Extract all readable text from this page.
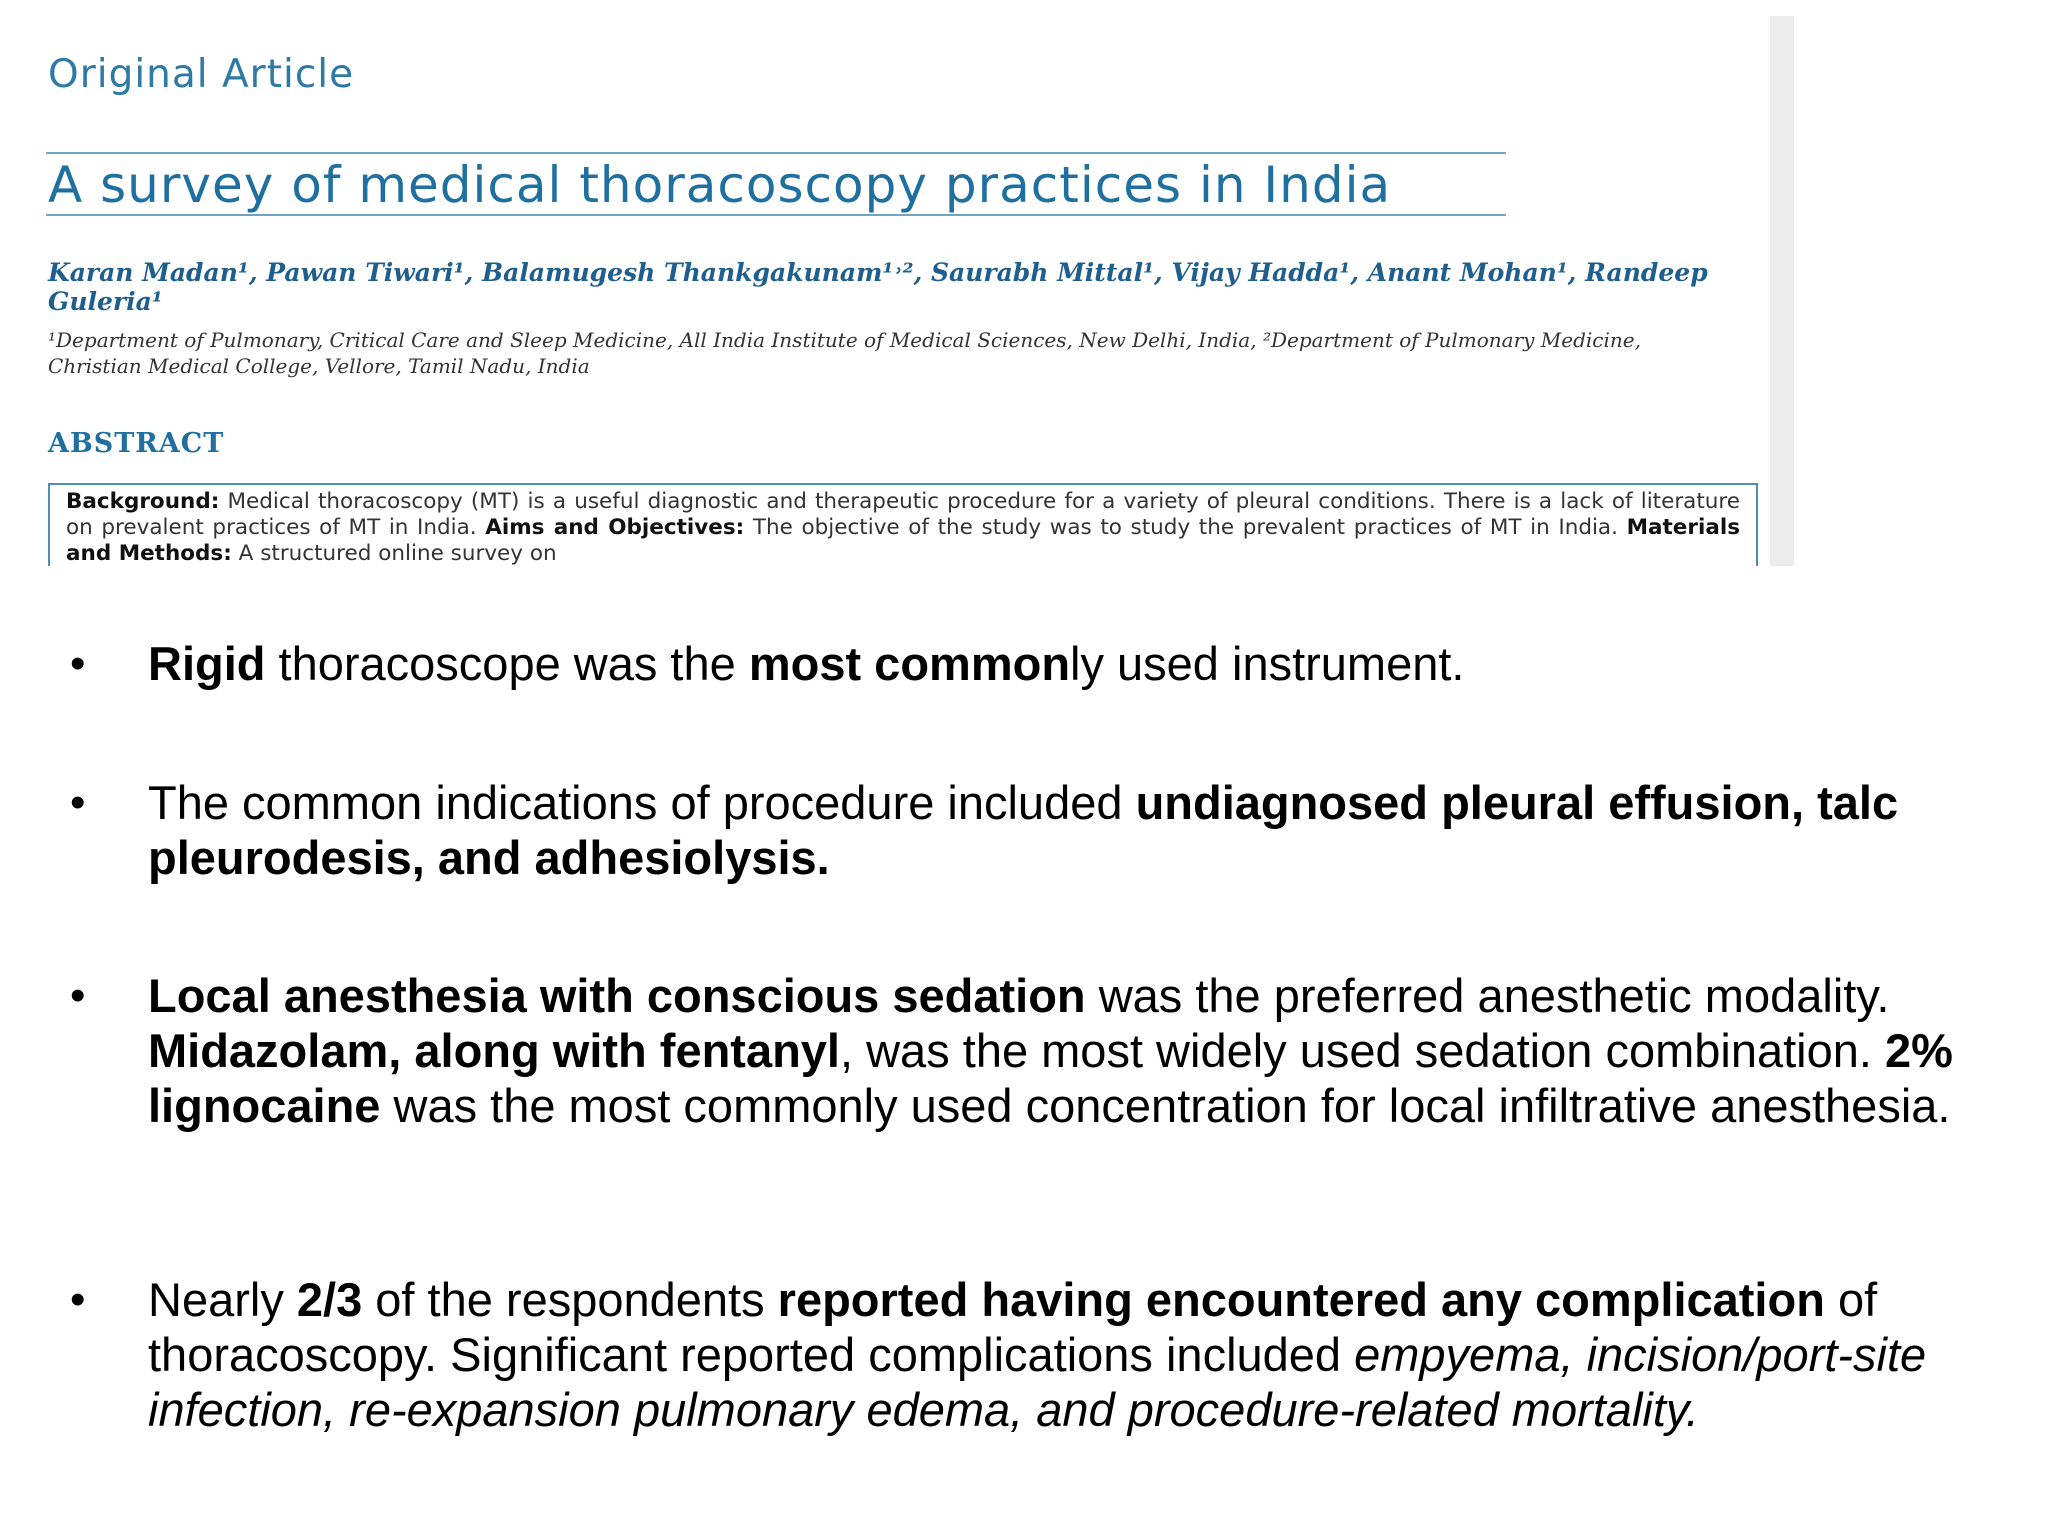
Original Article
A survey of medical thoracoscopy practices in India
Karan Madan¹, Pawan Tiwari¹, Balamugesh Thankgakunam¹˒², Saurabh Mittal¹, Vijay Hadda¹, Anant Mohan¹, Randeep Guleria¹
¹Department of Pulmonary, Critical Care and Sleep Medicine, All India Institute of Medical Sciences, New Delhi, India, ²Department of Pulmonary Medicine, Christian Medical College, Vellore, Tamil Nadu, India
ABSTRACT
Background: Medical thoracoscopy (MT) is a useful diagnostic and therapeutic procedure for a variety of pleural conditions. There is a lack of literature on prevalent practices of MT in India. Aims and Objectives: The objective of the study was to study the prevalent practices of MT in India. Materials and Methods: A structured online survey on
• Rigid thoracoscope was the most commonly used instrument.
• The common indications of procedure included undiagnosed pleural effusion, talc pleurodesis, and adhesiolysis.
• Local anesthesia with conscious sedation was the preferred anesthetic modality. Midazolam, along with fentanyl, was the most widely used sedation combination. 2% lignocaine was the most commonly used concentration for local infiltrative anesthesia.
• Nearly 2/3 of the respondents reported having encountered any complication of thoracoscopy. Significant reported complications included empyema, incision/port-site infection, re-expansion pulmonary edema, and procedure-related mortality.
